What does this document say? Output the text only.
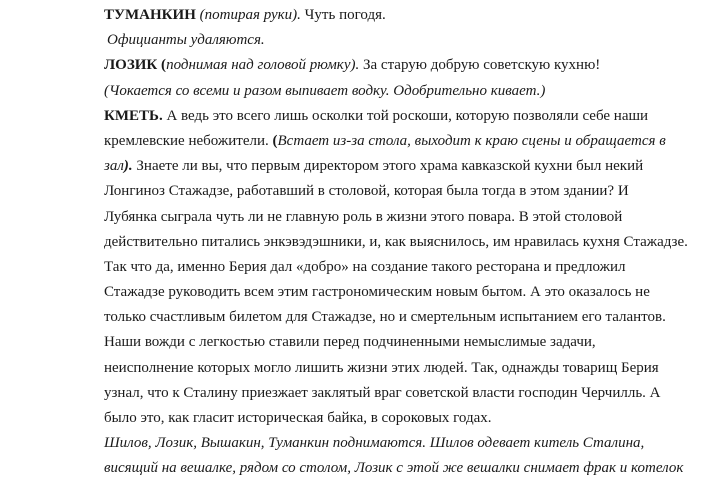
ТУМАНКИН (потирая руки). Чуть погодя.
Официанты удаляются.
ЛОЗИК (поднимая над головой рюмку). За старую добрую советскую кухню!
(Чокается со всеми и разом выпивает водку. Одобрительно кивает.)
КМЕТЬ. А ведь это всего лишь осколки той роскоши, которую позволяли себе наши
кремлевские небожители. (Встает из-за стола, выходит к краю сцены и обращается в
зал). Знаете ли вы, что первым директором этого храма кавказской кухни был некий
Лонгиноз Стажадзе, работавший в столовой, которая была тогда в этом здании? И
Лубянка сыграла чуть ли не главную роль в жизни этого повара. В этой столовой
действительно питались энкэвэдэшники, и, как выяснилось, им нравилась кухня Стажадзе.
Так что да, именно Берия дал «добро» на создание такого ресторана и предложил
Стажадзе руководить всем этим гастрономическим новым бытом. А это оказалось не
только счастливым билетом для Стажадзе, но и смертельным испытанием его талантов.
Наши вожди с легкостью ставили перед подчиненными немыслимые задачи,
неисполнение которых могло лишить жизни этих людей. Так, однажды товарищ Берия
узнал, что к Сталину приезжает заклятый враг советской власти господин Черчилль. А
было это, как гласит историческая байка, в сороковых годах.
Шилов, Лозик, Вышакин, Туманкин поднимаются. Шилов одевает китель Сталина,
висящий на вешалке, рядом со столом, Лозик с этой же вешалки снимает фрак и котелок
